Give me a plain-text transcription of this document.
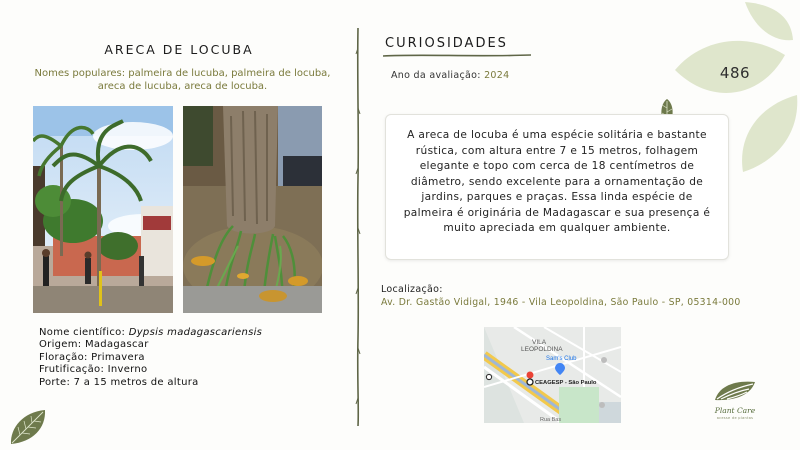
486
ARECA DE LOCUBA
Nomes populares: palmeira de lucuba, palmeira de locuba, areca de lucuba, areca de locuba.
Nome científico: Dypsis madagascariensis
Origem: Madagascar
Floração: Primavera
Frutificação: Inverno
Porte: 7 a 15 metros de altura
CURIOSIDADES
Ano da avaliação: 2024
A areca de locuba é uma espécie solitária e bastante rústica, com altura entre 7 e 15 metros, folhagem elegante e topo com cerca de 18 centímetros de diâmetro, sendo excelente para a ornamentação de jardins, parques e praças. Essa linda espécie de palmeira é originária de Madagascar e sua presença é muito apreciada em qualquer ambiente.
Localização:
Av. Dr. Gastão Vidigal, 1946 - Vila Leopoldina, São Paulo - SP, 05314-000
VILA
LEOPOLDINA
Sam's Club
CEAGESP - São Paulo
Rua Bas
Plant Care
acesse de plantas
